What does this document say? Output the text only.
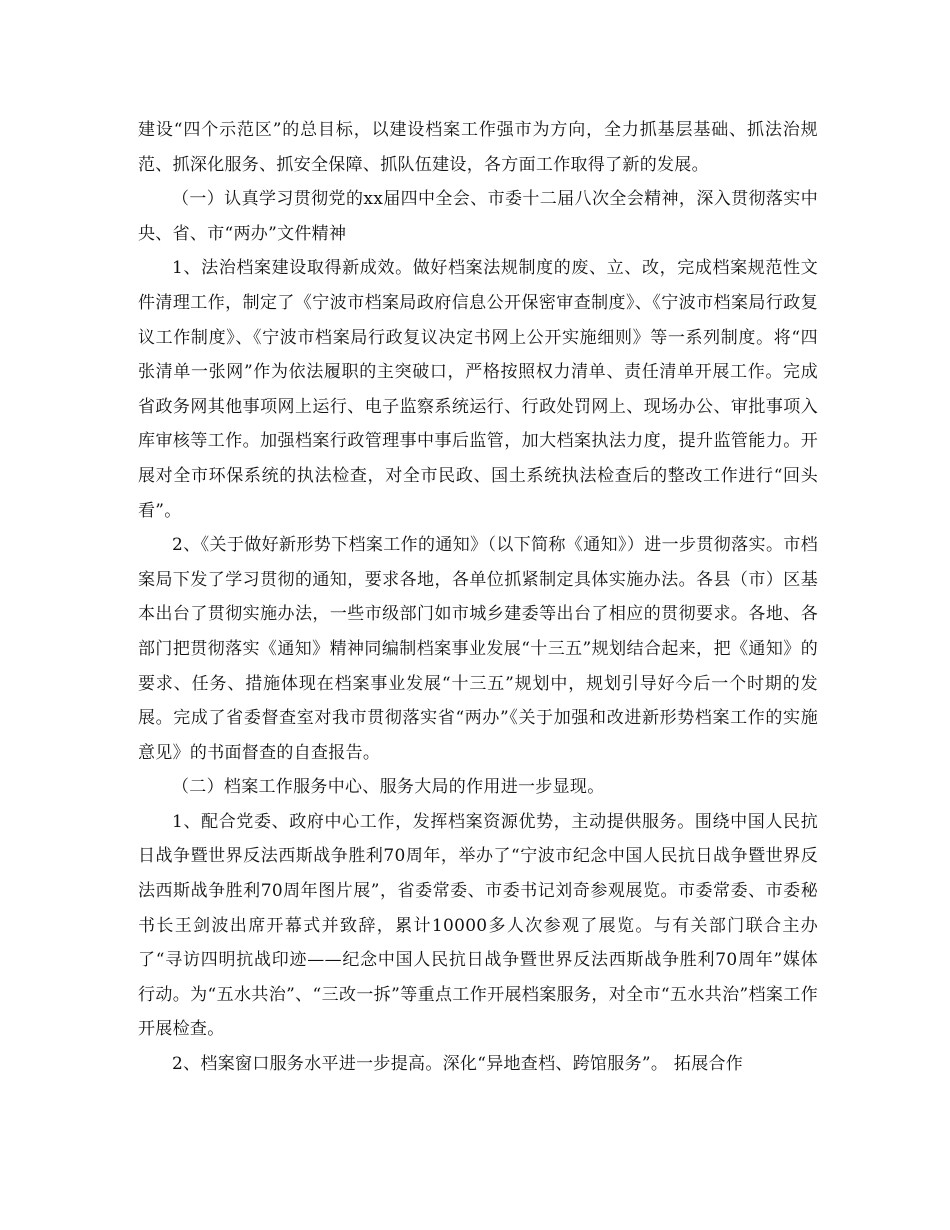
建设“四个示范区”的总目标，以建设档案工作强市为方向，全力抓基层基础、抓法治规范、抓深化服务、抓安全保障、抓队伍建设，各方面工作取得了新的发展。

（一）认真学习贯彻党的xx届四中全会、市委十二届八次全会精神，深入贯彻落实中央、省、市“两办”文件精神

1、法治档案建设取得新成效。做好档案法规制度的废、立、改，完成档案规范性文件清理工作，制定了《宁波市档案局政府信息公开保密审查制度》、《宁波市档案局行政复议工作制度》、《宁波市档案局行政复议决定书网上公开实施细则》等一系列制度。将“四张清单一张网”作为依法履职的主突破口，严格按照权力清单、责任清单开展工作。完成省政务网其他事项网上运行、电子监察系统运行、行政处罚网上、现场办公、审批事项入库审核等工作。加强档案行政管理事中事后监管，加大档案执法力度，提升监管能力。开展对全市环保系统的执法检查，对全市民政、国土系统执法检查后的整改工作进行“回头看”。

2、《关于做好新形势下档案工作的通知》（以下简称《通知》）进一步贯彻落实。市档案局下发了学习贯彻的通知，要求各地，各单位抓紧制定具体实施办法。各县（市）区基本出台了贯彻实施办法，一些市级部门如市城乡建委等出台了相应的贯彻要求。各地、各部门把贯彻落实《通知》精神同编制档案事业发展“十三五”规划结合起来，把《通知》的要求、任务、措施体现在档案事业发展“十三五”规划中，规划引导好今后一个时期的发展。完成了省委督查室对我市贯彻落实省“两办”《关于加强和改进新形势档案工作的实施意见》的书面督查的自查报告。

（二）档案工作服务中心、服务大局的作用进一步显现。

1、配合党委、政府中心工作，发挥档案资源优势，主动提供服务。围绕中国人民抗日战争暨世界反法西斯战争胜利70周年，举办了“宁波市纪念中国人民抗日战争暨世界反法西斯战争胜利70周年图片展”，省委常委、市委书记刘奇参观展览。市委常委、市委秘书长王剑波出席开幕式并致辞，累计10000多人次参观了展览。与有关部门联合主办了“寻访四明抗战印迹——纪念中国人民抗日战争暨世界反法西斯战争胜利70周年”媒体行动。为“五水共治”、“三改一拆”等重点工作开展档案服务，对全市“五水共治”档案工作开展检查。

2、档案窗口服务水平进一步提高。深化“异地查档、跨馆服务”。 拓展合作
